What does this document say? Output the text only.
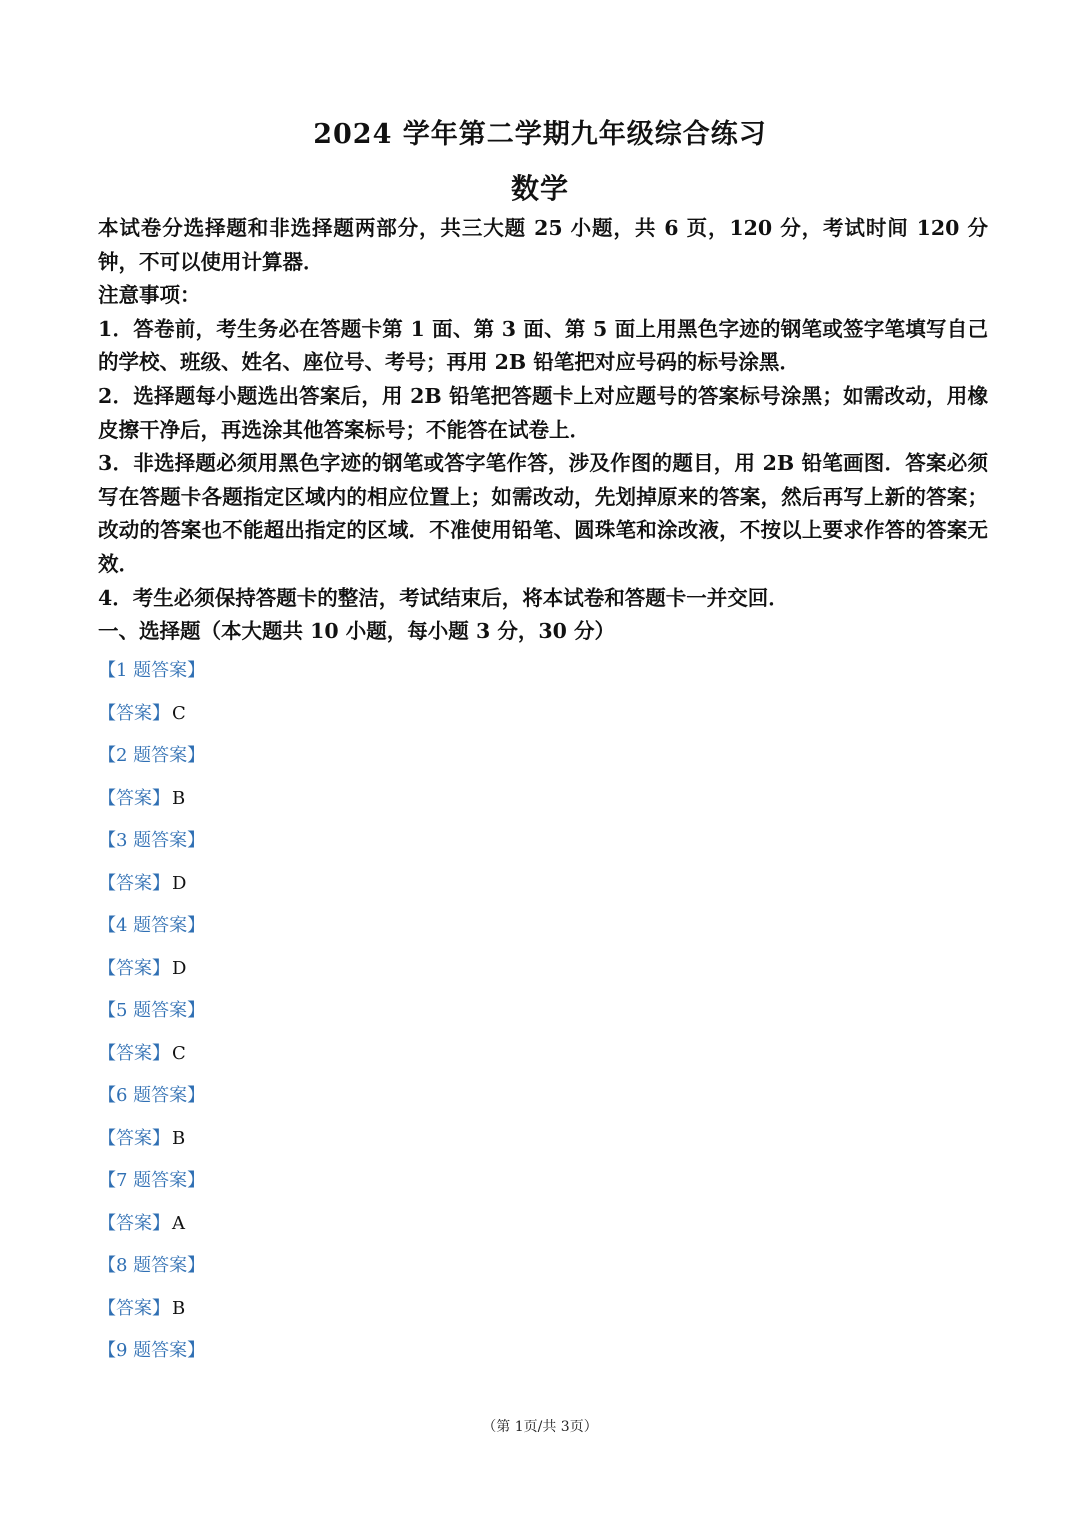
2024 学年第二学期九年级综合练习
数学

本试卷分选择题和非选择题两部分，共三大题 25 小题，共 6 页，120 分，考试时间 120 分钟，不可以使用计算器．

注意事项：

1．答卷前，考生务必在答题卡第 1 面、第 3 面、第 5 面上用黑色字迹的钢笔或签字笔填写自己的学校、班级、姓名、座位号、考号；再用 2B 铅笔把对应号码的标号涂黑．

2．选择题每小题选出答案后，用 2B 铅笔把答题卡上对应题号的答案标号涂黑；如需改动，用橡皮擦干净后，再选涂其他答案标号；不能答在试卷上．

3．非选择题必须用黑色字迹的钢笔或答字笔作答，涉及作图的题目，用 2B 铅笔画图．答案必须写在答题卡各题指定区域内的相应位置上；如需改动，先划掉原来的答案，然后再写上新的答案；改动的答案也不能超出指定的区域．不准使用铅笔、圆珠笔和涂改液，不按以上要求作答的答案无效．

4．考生必须保持答题卡的整洁，考试结束后，将本试卷和答题卡一并交回．

一、选择题（本大题共 10 小题，每小题 3 分，30 分）

【1 题答案】
【答案】 C
【2 题答案】
【答案】 B
【3 题答案】
【答案】 D
【4 题答案】
【答案】 D
【5 题答案】
【答案】 C
【6 题答案】
【答案】 B
【7 题答案】
【答案】 A
【8 题答案】
【答案】 B
【9 题答案】
（第 1页/共 3页）
